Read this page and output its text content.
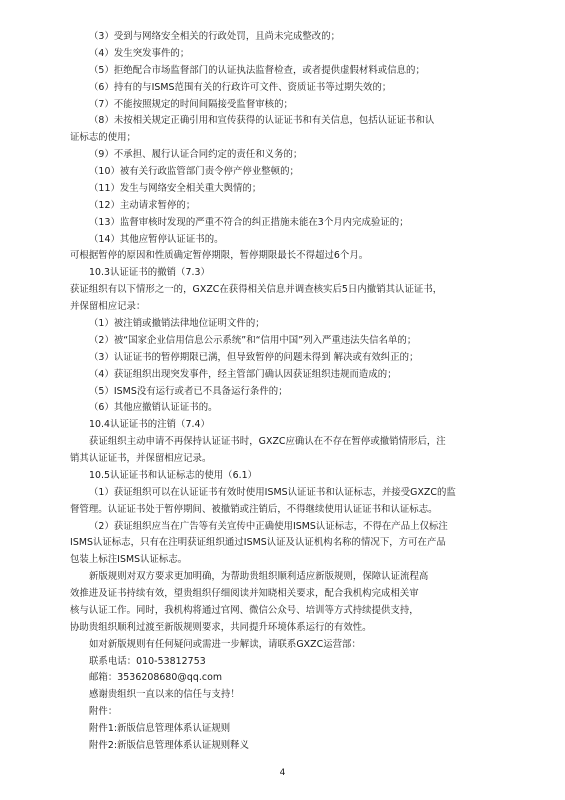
（3）受到与网络安全相关的行政处罚，且尚未完成整改的；
（4）发生突发事件的；
（5）拒绝配合市场监督部门的认证执法监督检查，或者提供虚假材料或信息的；
（6）持有的与ISMS范围有关的行政许可文件、资质证书等过期失效的；
（7）不能按照规定的时间间隔接受监督审核的；
（8）未按相关规定正确引用和宣传获得的认证证书和有关信息，包括认证证书和认
证标志的使用；
（9）不承担、履行认证合同约定的责任和义务的；
（10）被有关行政监管部门责令停产停业整顿的；
（11）发生与网络安全相关重大舆情的；
（12）主动请求暂停的；
（13）监督审核时发现的严重不符合的纠正措施未能在3个月内完成验证的；
（14）其他应暂停认证证书的。
可根据暂停的原因和性质确定暂停期限，暂停期限最长不得超过6个月。
10.3认证证书的撤销（7.3）
获证组织有以下情形之一的，GXZC在获得相关信息并调查核实后5日内撤销其认证证书，
并保留相应记录：
（1）被注销或撤销法律地位证明文件的；
（2）被“国家企业信用信息公示系统”和“信用中国”列入严重违法失信名单的；
（3）认证证书的暂停期限已满，但导致暂停的问题未得到 解决或有效纠正的；
（4）获证组织出现突发事件，经主管部门确认因获证组织违规而造成的；
（5）ISMS没有运行或者已不具备运行条件的；
（6）其他应撤销认证证书的。
10.4认证证书的注销（7.4）
获证组织主动申请不再保持认证证书时，GXZC应确认在不存在暂停或撤销情形后，注
销其认证证书，并保留相应记录。
10.5认证证书和认证标志的使用（6.1）
（1）获证组织可以在认证证书有效时使用ISMS认证证书和认证标志，并接受GXZC的监
督管理。认证证书处于暂停期间、被撤销或注销后，不得继续使用认证证书和认证标志。
（2）获证组织应当在广告等有关宣传中正确使用ISMS认证标志，不得在产品上仅标注
ISMS认证标志，只有在注明获证组织通过ISMS认证及认证机构名称的情况下，方可在产品
包装上标注ISMS认证标志。
新版规则对双方要求更加明确，为帮助贵组织顺利适应新版规则，保障认证流程高
效推进及证书持续有效，望贵组织仔细阅读并知晓相关要求，配合我机构完成相关审
核与认证工作。同时，我机构将通过官网、微信公众号、培训等方式持续提供支持，
协助贵组织顺利过渡至新版规则要求，共同提升环境体系运行的有效性。
如对新版规则有任何疑问或需进一步解读，请联系GXZC运营部：
联系电话：010-53812753
邮箱：3536208680@qq.com
感谢贵组织一直以来的信任与支持！
附件：
附件1:新版信息管理体系认证规则
附件2:新版信息管理体系认证规则释义
4
